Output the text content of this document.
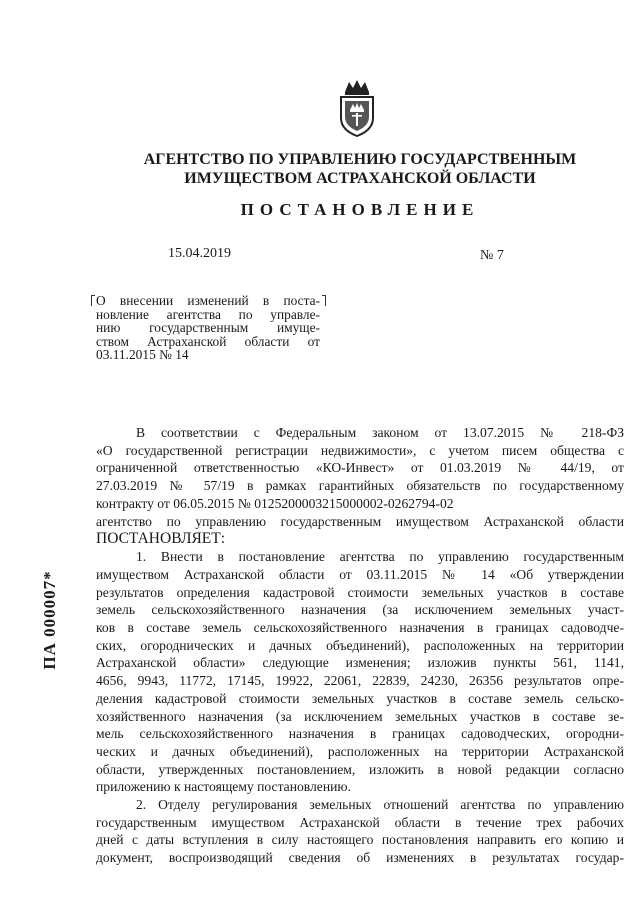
АГЕНТСТВО ПО УПРАВЛЕНИЮ ГОСУДАРСТВЕННЫМ
ИМУЩЕСТВОМ АСТРАХАНСКОЙ ОБЛАСТИ
ПОСТАНОВЛЕНИЕ
15.04.2019	№ 7
О внесении изменений в поста-
новление агентства по управле-
нию государственным имуще-
ством Астраханской области от
03.11.2015 № 14
ПА 000007*
В соответствии с Федеральным законом от 13.07.2015 № 218-ФЗ
«О государственной регистрации недвижимости», с учетом писем общества с
ограниченной ответственностью «КО-Инвест» от 01.03.2019 № 44/19, от
27.03.2019 № 57/19 в рамках гарантийных обязательств по государственному
контракту от 06.05.2015 № 0125200003215000002-0262794-02
агентство по управлению государственным имуществом Астраханской области
ПОСТАНОВЛЯЕТ:
1. Внести в постановление агентства по управлению государственным
имуществом Астраханской области от 03.11.2015 № 14 «Об утверждении
результатов определения кадастровой стоимости земельных участков в составе
земель сельскохозяйственного назначения (за исключением земельных участ-
ков в составе земель сельскохозяйственного назначения в границах садоводче-
ских, огороднических и дачных объединений), расположенных на территории
Астраханской области» следующие изменения; изложив пункты 561, 1141,
4656, 9943, 11772, 17145, 19922, 22061, 22839, 24230, 26356 результатов опре-
деления кадастровой стоимости земельных участков в составе земель сельско-
хозяйственного назначения (за исключением земельных участков в составе зе-
мель сельскохозяйственного назначения в границах садоводческих, огородни-
ческих и дачных объединений), расположенных на территории Астраханской
области, утвержденных постановлением, изложить в новой редакции согласно
приложению к настоящему постановлению.
2. Отделу регулирования земельных отношений агентства по управлению
государственным имуществом Астраханской области в течение трех рабочих
дней с даты вступления в силу настоящего постановления направить его копию и
документ, воспроизводящий сведения об изменениях в результатах государ-
